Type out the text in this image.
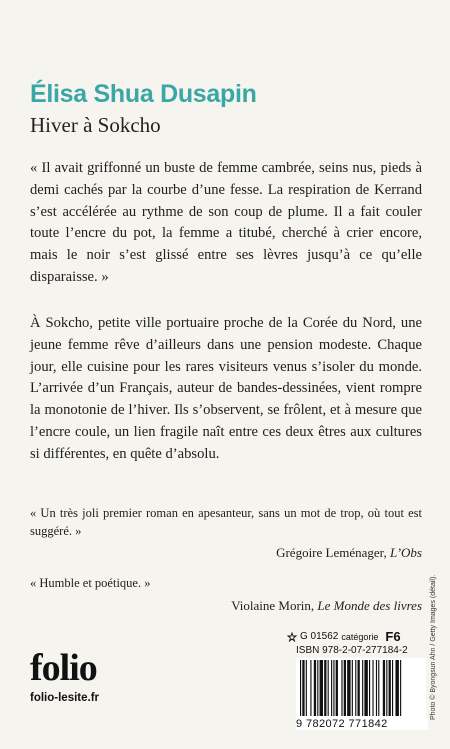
Élisa Shua Dusapin
Hiver à Sokcho
« Il avait griffonné un buste de femme cambrée, seins nus, pieds à demi cachés par la courbe d’une fesse. La respiration de Kerrand s’est accélérée au rythme de son coup de plume. Il a fait couler toute l’encre du pot, la femme a titubé, cherché à crier encore, mais le noir s’est glissé entre ses lèvres jusqu’à ce qu’elle disparaisse. »
À Sokcho, petite ville portuaire proche de la Corée du Nord, une jeune femme rêve d’ailleurs dans une pension modeste. Chaque jour, elle cuisine pour les rares visiteurs venus s’isoler du monde. L’arrivée d’un Français, auteur de bandes-dessinées, vient rompre la monotonie de l’hiver. Ils s’observent, se frôlent, et à mesure que l’encre coule, un lien fragile naît entre ces deux êtres aux cultures si différentes, en quête d’absolu.
« Un très joli premier roman en apesanteur, sans un mot de trop, où tout est suggéré. »
Grégoire Leménager, L’Obs
« Humble et poétique. »
Violaine Morin, Le Monde des livres
folio
folio-lesite.fr
G 01562 catégorie F6
ISBN 978-2-07-277184-2
9 782072 771842
Photo © Byongsun Ahn / Getty Images (détail).
